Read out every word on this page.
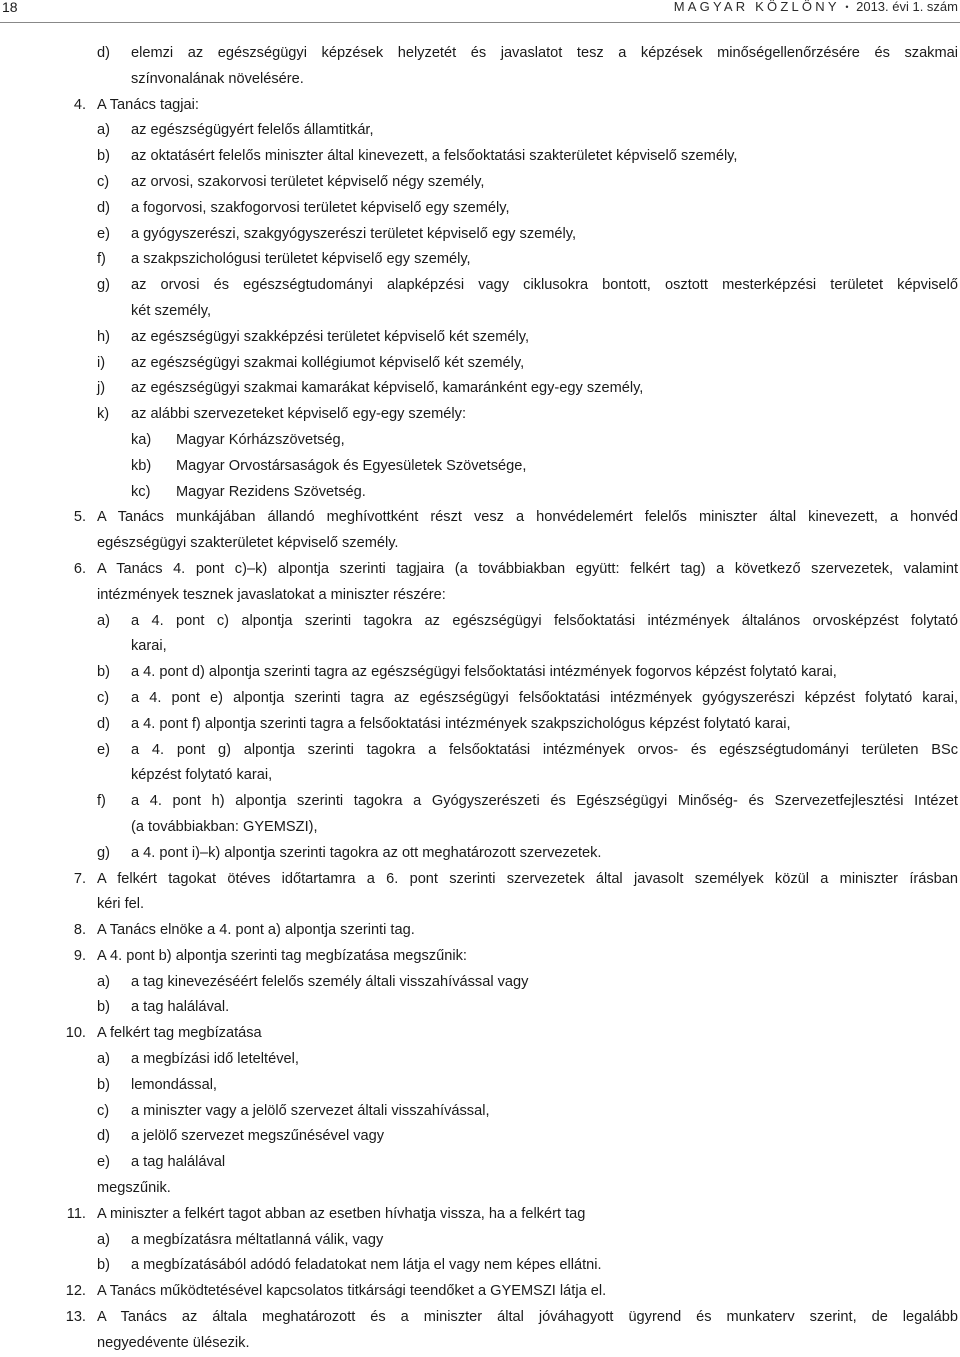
18	MAGYAR KÖZLÖNY • 2013. évi 1. szám
d) elemzi az egészségügyi képzések helyzetét és javaslatot tesz a képzések minőségellenőrzésére és szakmai
színvonalának növelésére.
4. A Tanács tagjai:
a) az egészségügyért felelős államtitkár,
b) az oktatásért felelős miniszter által kinevezett, a felsőoktatási szakterületet képviselő személy,
c) az orvosi, szakorvosi területet képviselő négy személy,
d) a fogorvosi, szakfogorvosi területet képviselő egy személy,
e) a gyógyszerészi, szakgyógyszerészi területet képviselő egy személy,
f) a szakpszichológusi területet képviselő egy személy,
g) az orvosi és egészségtudományi alapképzési vagy ciklusokra bontott, osztott mesterképzési területet képviselő
két személy,
h) az egészségügyi szakképzési területet képviselő két személy,
i) az egészségügyi szakmai kollégiumot képviselő két személy,
j) az egészségügyi szakmai kamarákat képviselő, kamaránként egy-egy személy,
k) az alábbi szervezeteket képviselő egy-egy személy:
ka) Magyar Kórházszövetség,
kb) Magyar Orvostársaságok és Egyesületek Szövetsége,
kc) Magyar Rezidens Szövetség.
5. A Tanács munkájában állandó meghívottként részt vesz a honvédelemért felelős miniszter által kinevezett, a honvéd
egészségügyi szakterületet képviselő személy.
6. A Tanács 4. pont c)–k) alpontja szerinti tagjaira (a továbbiakban együtt: felkért tag) a következő szervezetek, valamint
intézmények tesznek javaslatokat a miniszter részére:
a) a 4. pont c) alpontja szerinti tagokra az egészségügyi felsőoktatási intézmények általános orvosképzést folytató
karai,
b) a 4. pont d) alpontja szerinti tagra az egészségügyi felsőoktatási intézmények fogorvos képzést folytató karai,
c) a 4. pont e) alpontja szerinti tagra az egészségügyi felsőoktatási intézmények gyógyszerészi képzést folytató karai,
d) a 4. pont f) alpontja szerinti tagra a felsőoktatási intézmények szakpszichológus képzést folytató karai,
e) a 4. pont g) alpontja szerinti tagokra a felsőoktatási intézmények orvos- és egészségtudományi területen BSc
képzést folytató karai,
f) a 4. pont h) alpontja szerinti tagokra a Gyógyszerészeti és Egészségügyi Minőség- és Szervezetfejlesztési Intézet
(a továbbiakban: GYEMSZI),
g) a 4. pont i)–k) alpontja szerinti tagokra az ott meghatározott szervezetek.
7. A felkért tagokat ötéves időtartamra a 6. pont szerinti szervezetek által javasolt személyek közül a miniszter írásban
kéri fel.
8. A Tanács elnöke a 4. pont a) alpontja szerinti tag.
9. A 4. pont b) alpontja szerinti tag megbízatása megszűnik:
a) a tag kinevezéséért felelős személy általi visszahívással vagy
b) a tag halálával.
10. A felkért tag megbízatása
a) a megbízási idő leteltével,
b) lemondással,
c) a miniszter vagy a jelölő szervezet általi visszahívással,
d) a jelölő szervezet megszűnésével vagy
e) a tag halálával
megszűnik.
11. A miniszter a felkért tagot abban az esetben hívhatja vissza, ha a felkért tag
a) a megbízatásra méltatlanná válik, vagy
b) a megbízatásából adódó feladatokat nem látja el vagy nem képes ellátni.
12. A Tanács működtetésével kapcsolatos titkársági teendőket a GYEMSZI látja el.
13. A Tanács az általa meghatározott és a miniszter által jóváhagyott ügyrend és munkaterv szerint, de legalább
negyedévente ülésezik.
